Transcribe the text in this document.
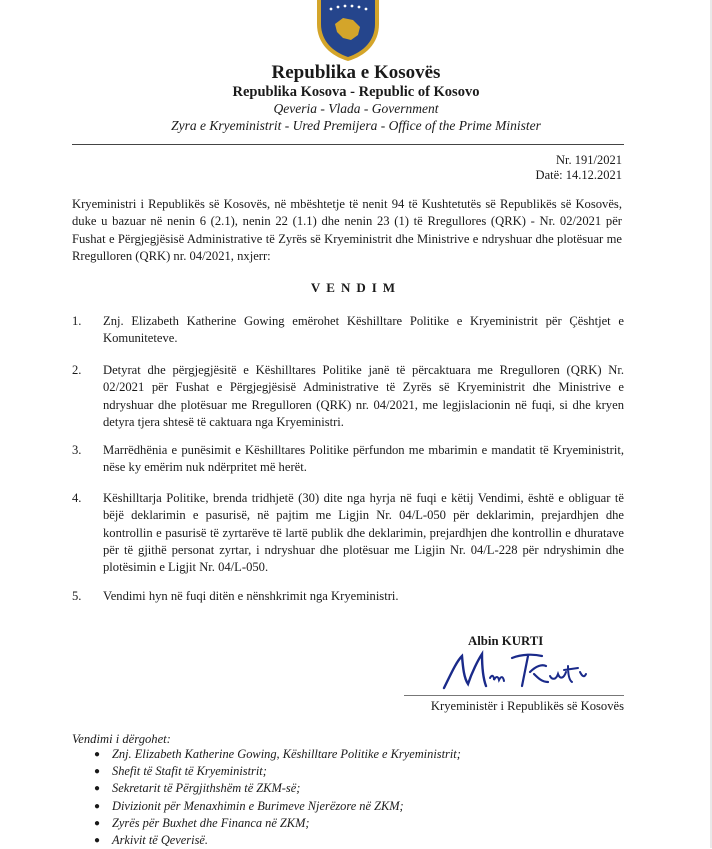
Republika e Kosovës
Republika Kosova - Republic of Kosovo
Qeveria - Vlada - Government
Zyra e Kryeministrit - Ured Premijera - Office of the Prime Minister
Nr. 191/2021
Datë: 14.12.2021
Kryeministri i Republikës së Kosovës, në mbështetje të nenit 94 të Kushtetutës së Republikës së Kosovës, duke u bazuar në nenin 6 (2.1), nenin 22 (1.1) dhe nenin 23 (1) të Rregullores (QRK) - Nr. 02/2021 për Fushat e Përgjegjësisë Administrative të Zyrës së Kryeministrit dhe Ministrive e ndryshuar dhe plotësuar me Rregulloren (QRK) nr. 04/2021, nxjerr:
VENDIM
1. Znj. Elizabeth Katherine Gowing emërohet Këshilltare Politike e Kryeministrit për Çështjet e Komuniteteve.
2. Detyrat dhe përgjegjësitë e Këshilltares Politike janë të përcaktuara me Rregulloren (QRK) Nr. 02/2021 për Fushat e Përgjegjësisë Administrative të Zyrës së Kryeministrit dhe Ministrive e ndryshuar dhe plotësuar me Rregulloren (QRK) nr. 04/2021, me legjislacionin në fuqi, si dhe kryen detyra tjera shtesë të caktuara nga Kryeministri.
3. Marrëdhënia e punësimit e Këshilltares Politike përfundon me mbarimin e mandatit të Kryeministrit, nëse ky emërim nuk ndërpritet më herët.
4. Këshilltarja Politike, brenda tridhjetë (30) dite nga hyrja në fuqi e këtij Vendimi, është e obliguar të bëjë deklarimin e pasurisë, në pajtim me Ligjin Nr. 04/L-050 për deklarimin, prejardhjen dhe kontrollin e pasurisë të zyrtarëve të lartë publik dhe deklarimin, prejardhjen dhe kontrollin e dhuratave për të gjithë personat zyrtar, i ndryshuar dhe plotësuar me Ligjin Nr. 04/L-228 për ndryshimin dhe plotësimin e Ligjit Nr. 04/L-050.
5. Vendimi hyn në fuqi ditën e nënshkrimit nga Kryeministri.
Albin KURTI
Kryeministër i Republikës së Kosovës
Vendimi i dërgohet:
● Znj. Elizabeth Katherine Gowing, Këshilltare Politike e Kryeministrit;
● Shefit të Stafit të Kryeministrit;
● Sekretarit të Përgjithshëm të ZKM-së;
● Divizionit për Menaxhimin e Burimeve Njerëzore në ZKM;
● Zyrës për Buxhet dhe Financa në ZKM;
● Arkivit të Qeverisë.
